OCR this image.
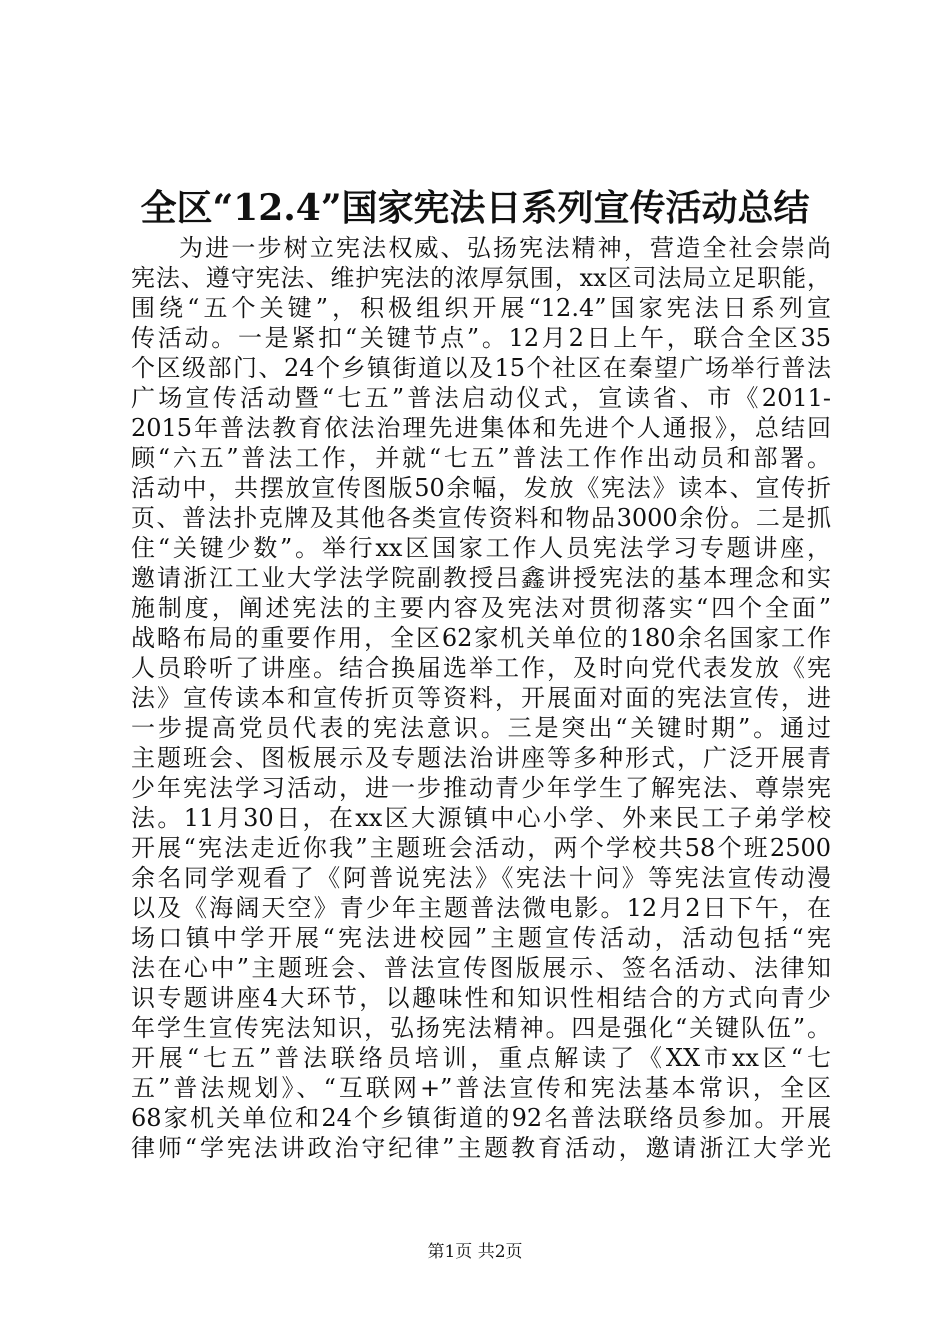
全区“12.4”国家宪法日系列宣传活动总结
为进一步树立宪法权威、弘扬宪法精神，营造全社会崇尚
宪法、遵守宪法、维护宪法的浓厚氛围，xx区司法局立足职能，
围绕“五个关键”，积极组织开展“12.4”国家宪法日系列宣
传活动。一是紧扣“关键节点”。12月2日上午，联合全区35
个区级部门、24个乡镇街道以及15个社区在秦望广场举行普法
广场宣传活动暨“七五”普法启动仪式，宣读省、市《2011-
2015年普法教育依法治理先进集体和先进个人通报》，总结回
顾“六五”普法工作，并就“七五”普法工作作出动员和部署。
活动中，共摆放宣传图版50余幅，发放《宪法》读本、宣传折
页、普法扑克牌及其他各类宣传资料和物品3000余份。二是抓
住“关键少数”。举行xx区国家工作人员宪法学习专题讲座，
邀请浙江工业大学法学院副教授吕鑫讲授宪法的基本理念和实
施制度，阐述宪法的主要内容及宪法对贯彻落实“四个全面”
战略布局的重要作用，全区62家机关单位的180余名国家工作
人员聆听了讲座。结合换届选举工作，及时向党代表发放《宪
法》宣传读本和宣传折页等资料，开展面对面的宪法宣传，进
一步提高党员代表的宪法意识。三是突出“关键时期”。通过
主题班会、图板展示及专题法治讲座等多种形式，广泛开展青
少年宪法学习活动，进一步推动青少年学生了解宪法、尊崇宪
法。11月30日，在xx区大源镇中心小学、外来民工子弟学校
开展“宪法走近你我”主题班会活动，两个学校共58个班2500
余名同学观看了《阿普说宪法》《宪法十问》等宪法宣传动漫
以及《海阔天空》青少年主题普法微电影。12月2日下午，在
场口镇中学开展“宪法进校园”主题宣传活动，活动包括“宪
法在心中”主题班会、普法宣传图版展示、签名活动、法律知
识专题讲座4大环节，以趣味性和知识性相结合的方式向青少
年学生宣传宪法知识，弘扬宪法精神。四是强化“关键队伍”。
开展“七五”普法联络员培训，重点解读了《XX市xx区“七
五”普法规划》、“互联网+”普法宣传和宪法基本常识，全区
68家机关单位和24个乡镇街道的92名普法联络员参加。开展
律师“学宪法讲政治守纪律”主题教育活动，邀请浙江大学光
第1页 共2页
